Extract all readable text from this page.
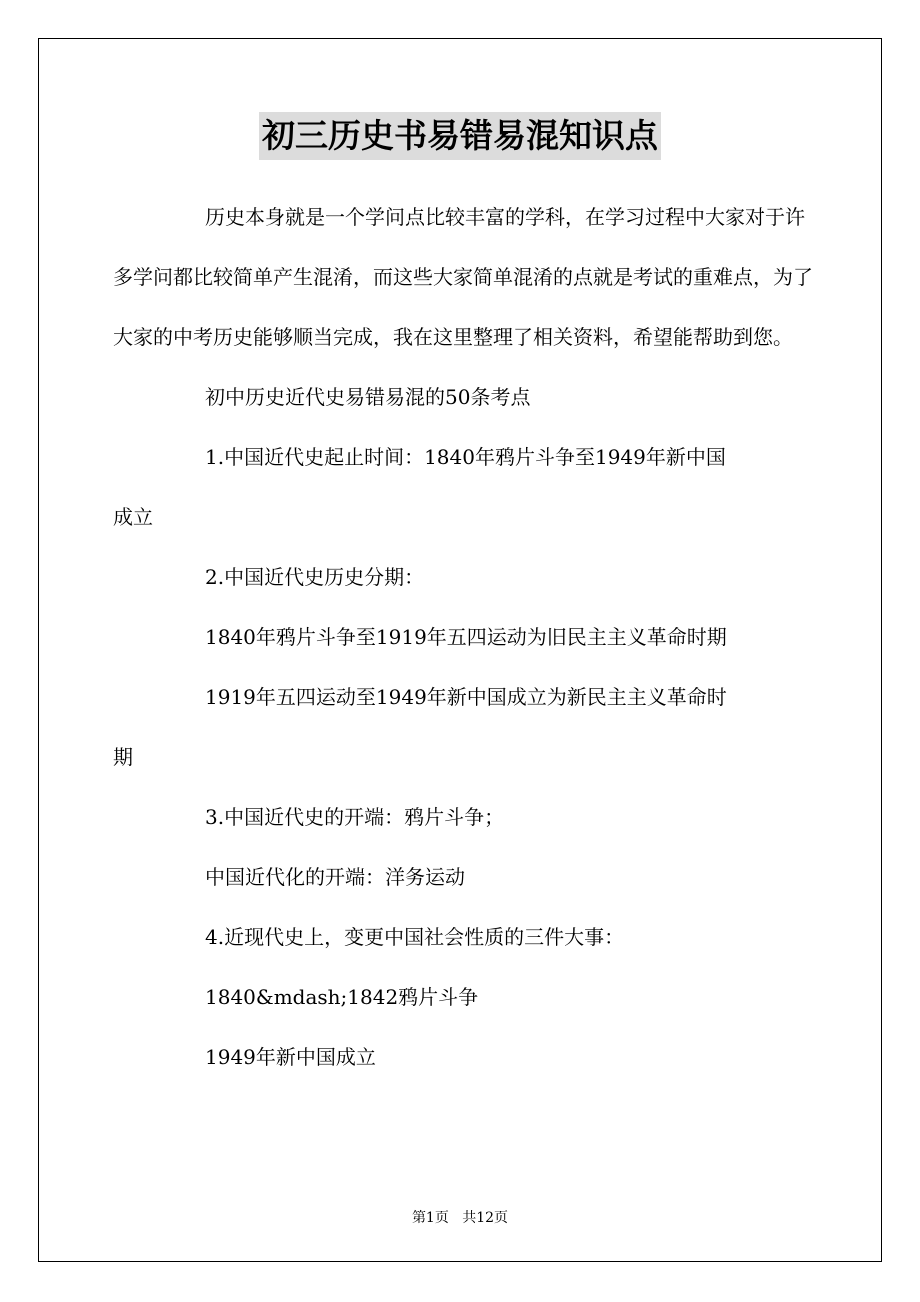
初三历史书易错易混知识点

历史本身就是一个学问点比较丰富的学科，在学习过程中大家对于许多学问都比较简单产生混淆，而这些大家简单混淆的点就是考试的重难点，为了大家的中考历史能够顺当完成，我在这里整理了相关资料，希望能帮助到您。

初中历史近代史易错易混的50条考点

1.中国近代史起止时间：1840年鸦片斗争至1949年新中国

成立

2.中国近代史历史分期：

1840年鸦片斗争至1919年五四运动为旧民主主义革命时期

1919年五四运动至1949年新中国成立为新民主主义革命时

期

3.中国近代史的开端：鸦片斗争；

中国近代化的开端：洋务运动

4.近现代史上，变更中国社会性质的三件大事：

1840&mdash;1842鸦片斗争

1949年新中国成立

第1页 共12页
